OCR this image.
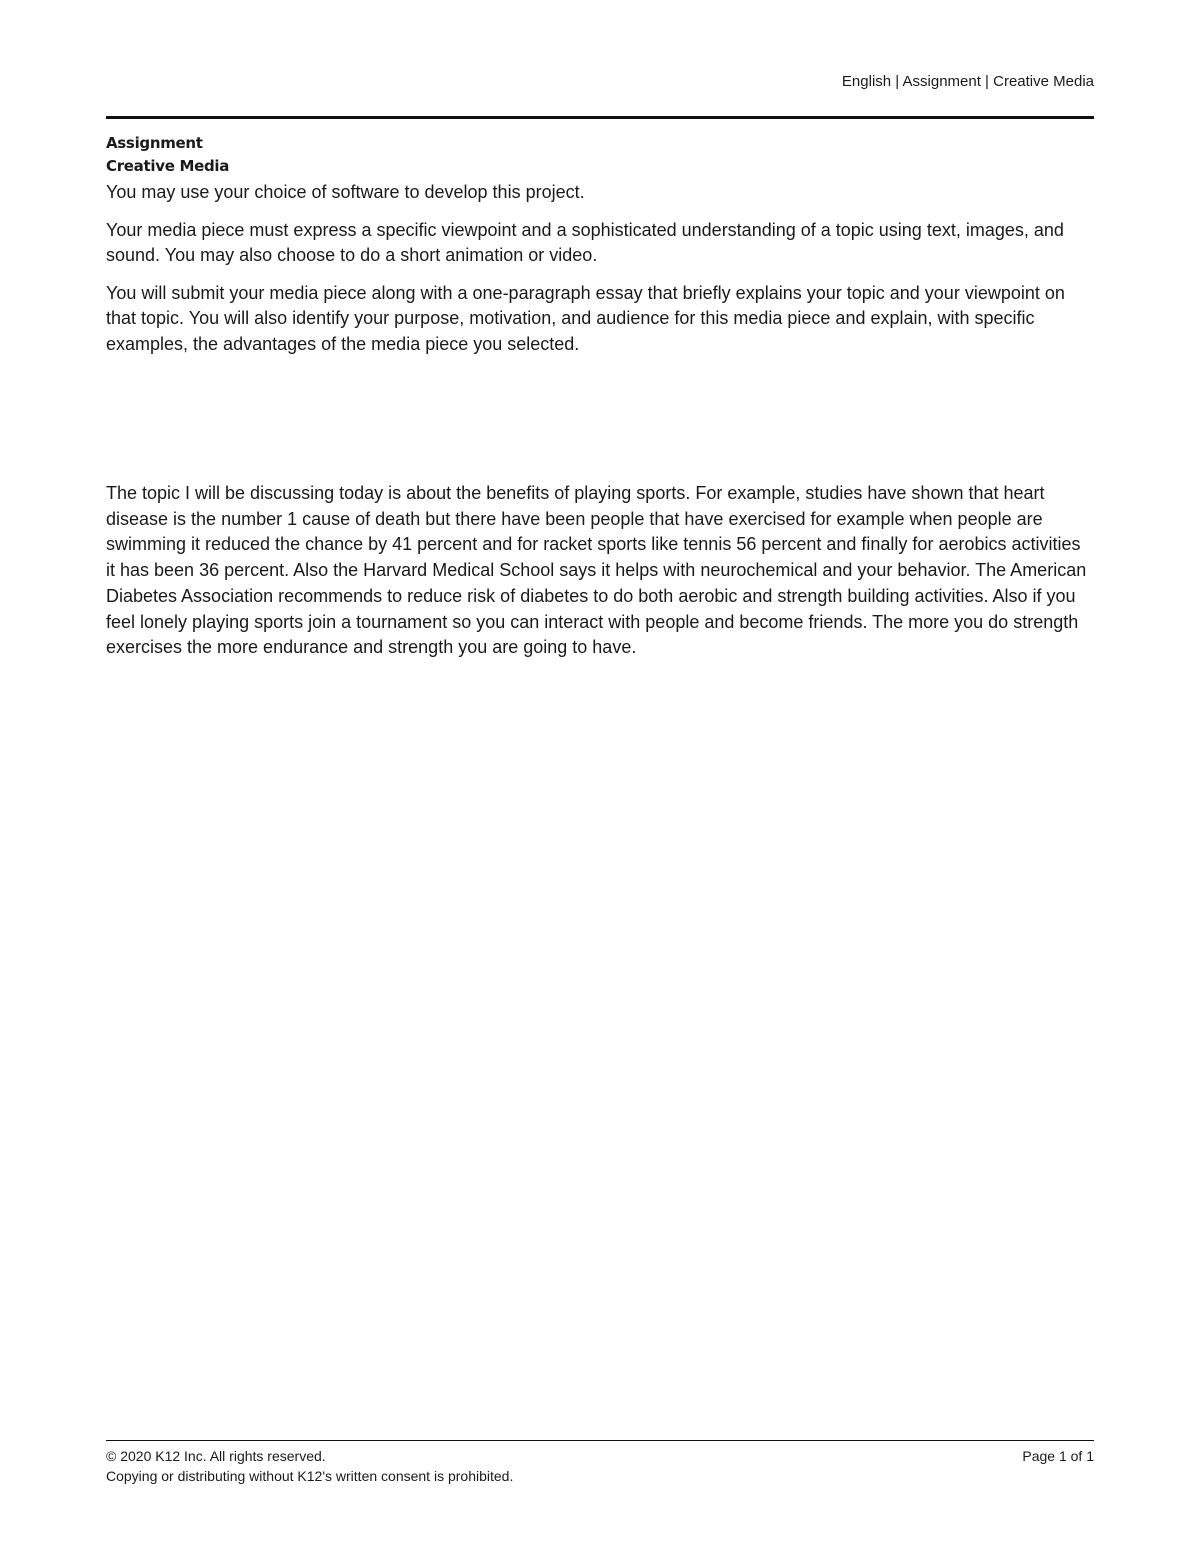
English | Assignment | Creative Media

Assignment

Creative Media

You may use your choice of software to develop this project.

Your media piece must express a specific viewpoint and a sophisticated understanding of a topic using text, images, and sound. You may also choose to do a short animation or video.

You will submit your media piece along with a one-paragraph essay that briefly explains your topic and your viewpoint on that topic. You will also identify your purpose, motivation, and audience for this media piece and explain, with specific examples, the advantages of the media piece you selected.

The topic I will be discussing today is about the benefits of playing sports. For example, studies have shown that heart disease is the number 1 cause of death but there have been people that have exercised for example when people are swimming it reduced the chance by 41 percent and for racket sports like tennis 56 percent and finally for aerobics activities it has been 36 percent. Also the Harvard Medical School says it helps with neurochemical and your behavior. The American Diabetes Association recommends to reduce risk of diabetes to do both aerobic and strength building activities. Also if you feel lonely playing sports join a tournament so you can interact with people and become friends. The more you do strength exercises the more endurance and strength you are going to have.

© 2020 K12 Inc. All rights reserved.
Copying or distributing without K12's written consent is prohibited.
Page 1 of 1
